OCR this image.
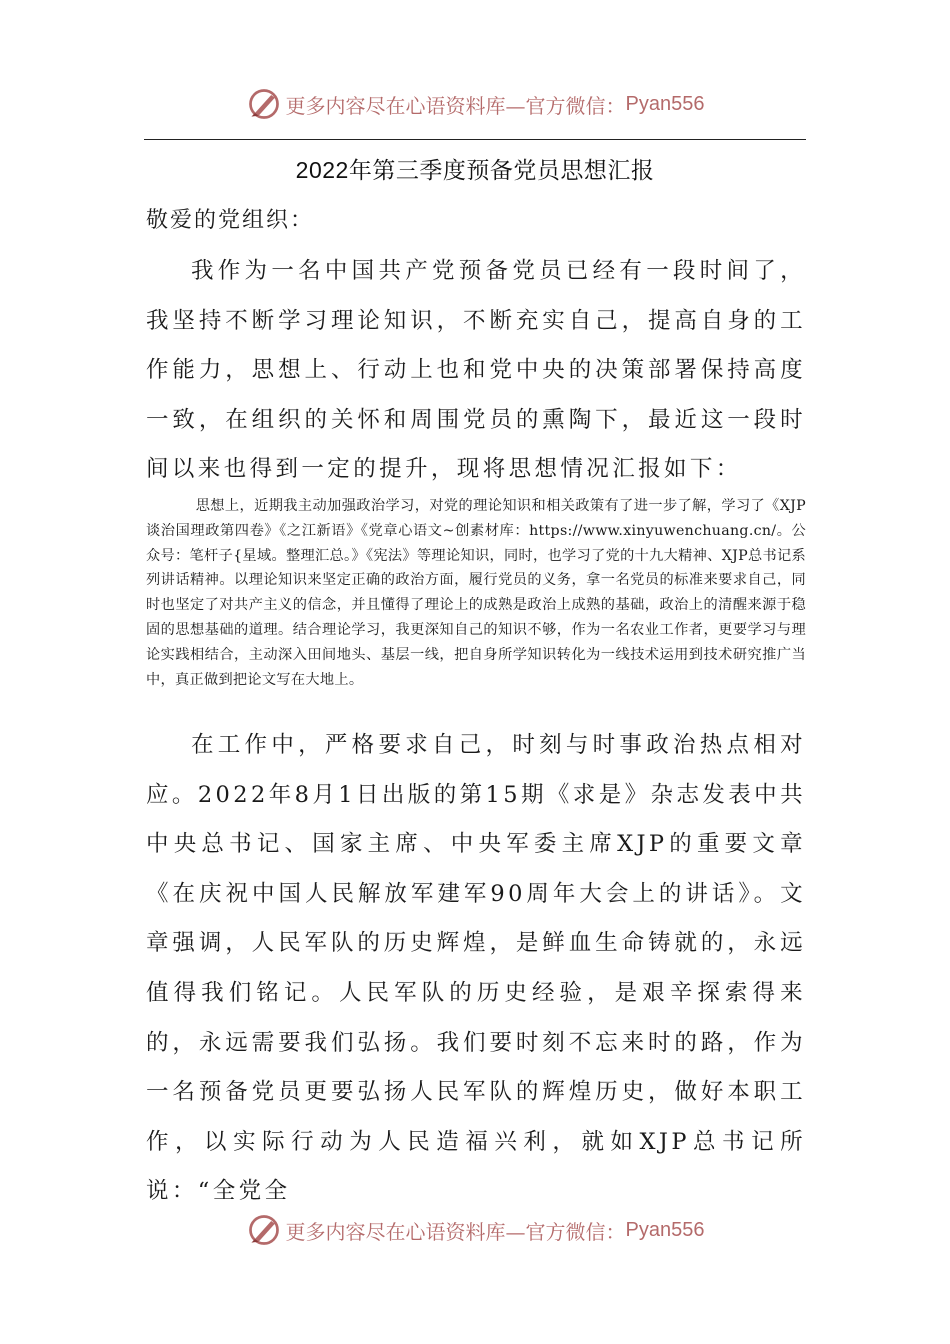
更多内容尽在心语资料库—官方微信： Pyan556
2022年第三季度预备党员思想汇报
敬爱的党组织：

我作为一名中国共产党预备党员已经有一段时间了，我坚持不断学习理论知识，不断充实自己，提高自身的工作能力，思想上、行动上也和党中央的决策部署保持高度一致，在组织的关怀和周围党员的熏陶下，最近这一段时间以来也得到一定的提升，现将思想情况汇报如下：

思想上，近期我主动加强政治学习，对党的理论知识和相关政策有了进一步了解，学习了《XJP谈治国理政第四卷》《之江新语》《党章心语文~创素材库：https://www.xinyuwenchuang.cn/。公众号：笔杆子{星域。整理汇总。》《宪法》等理论知识，同时，也学习了党的十九大精神、XJP总书记系列讲话精神。以理论知识来坚定正确的政治方面，履行党员的义务，拿一名党员的标准来要求自己，同时也坚定了对共产主义的信念，并且懂得了理论上的成熟是政治上成熟的基础，政治上的清醒来源于稳固的思想基础的道理。结合理论学习，我更深知自己的知识不够，作为一名农业工作者，更要学习与理论实践相结合，主动深入田间地头、基层一线，把自身所学知识转化为一线技术运用到技术研究推广当中，真正做到把论文写在大地上。

在工作中，严格要求自己，时刻与时事政治热点相对应。2022年8月1日出版的第15期《求是》杂志发表中共中央总书记、国家主席、中央军委主席XJP的重要文章《在庆祝中国人民解放军建军90周年大会上的讲话》。文章强调，人民军队的历史辉煌，是鲜血生命铸就的，永远值得我们铭记。人民军队的历史经验，是艰辛探索得来的，永远需要我们弘扬。我们要时刻不忘来时的路，作为一名预备党员更要弘扬人民军队的辉煌历史，做好本职工作，以实际行动为人民造福兴利，就如XJP总书记所说：“全党全

更多内容尽在心语资料库—官方微信： Pyan556
